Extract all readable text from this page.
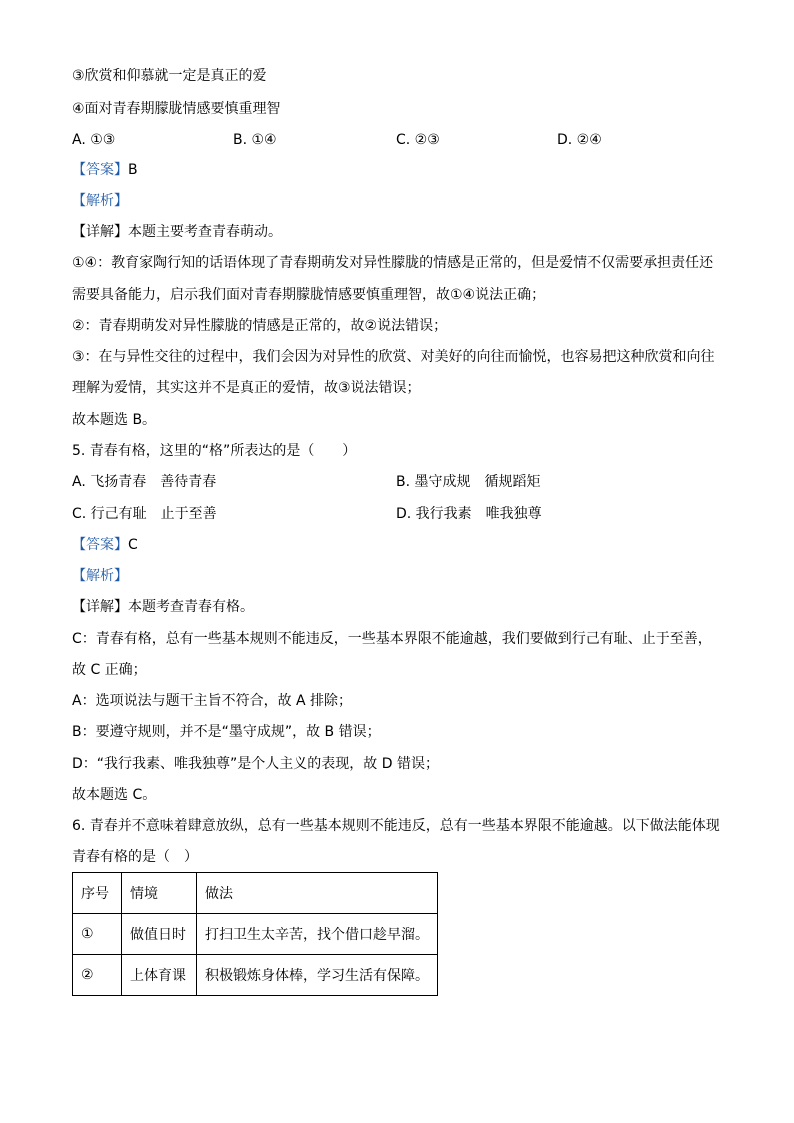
③欣赏和仰慕就一定是真正的爱
④面对青春期朦胧情感要慎重理智
A. ①③	B. ①④	C. ②③	D. ②④
【答案】B
【解析】
【详解】本题主要考查青春萌动。
①④：教育家陶行知的话语体现了青春期萌发对异性朦胧的情感是正常的，但是爱情不仅需要承担责任还
需要具备能力，启示我们面对青春期朦胧情感要慎重理智，故①④说法正确；
②：青春期萌发对异性朦胧的情感是正常的，故②说法错误；
③：在与异性交往的过程中，我们会因为对异性的欣赏、对美好的向往而愉悦，也容易把这种欣赏和向往
理解为爱情，其实这并不是真正的爱情，故③说法错误；
故本题选 B。
5. 青春有格，这里的“格”所表达的是（　　）
A. 飞扬青春　善待青春	B. 墨守成规　循规蹈矩
C. 行己有耻　止于至善	D. 我行我素　唯我独尊
【答案】C
【解析】
【详解】本题考查青春有格。
C：青春有格，总有一些基本规则不能违反，一些基本界限不能逾越，我们要做到行己有耻、止于至善，
故 C 正确；
A：选项说法与题干主旨不符合，故 A 排除；
B：要遵守规则，并不是“墨守成规”，故 B 错误；
D：“我行我素、唯我独尊”是个人主义的表现，故 D 错误；
故本题选 C。
6. 青春并不意味着肆意放纵，总有一些基本规则不能违反，总有一些基本界限不能逾越。以下做法能体现
青春有格的是（　）
序号	情境	做法
①	做值日时	打扫卫生太辛苦，找个借口趁早溜。
②	上体育课	积极锻炼身体棒，学习生活有保障。
